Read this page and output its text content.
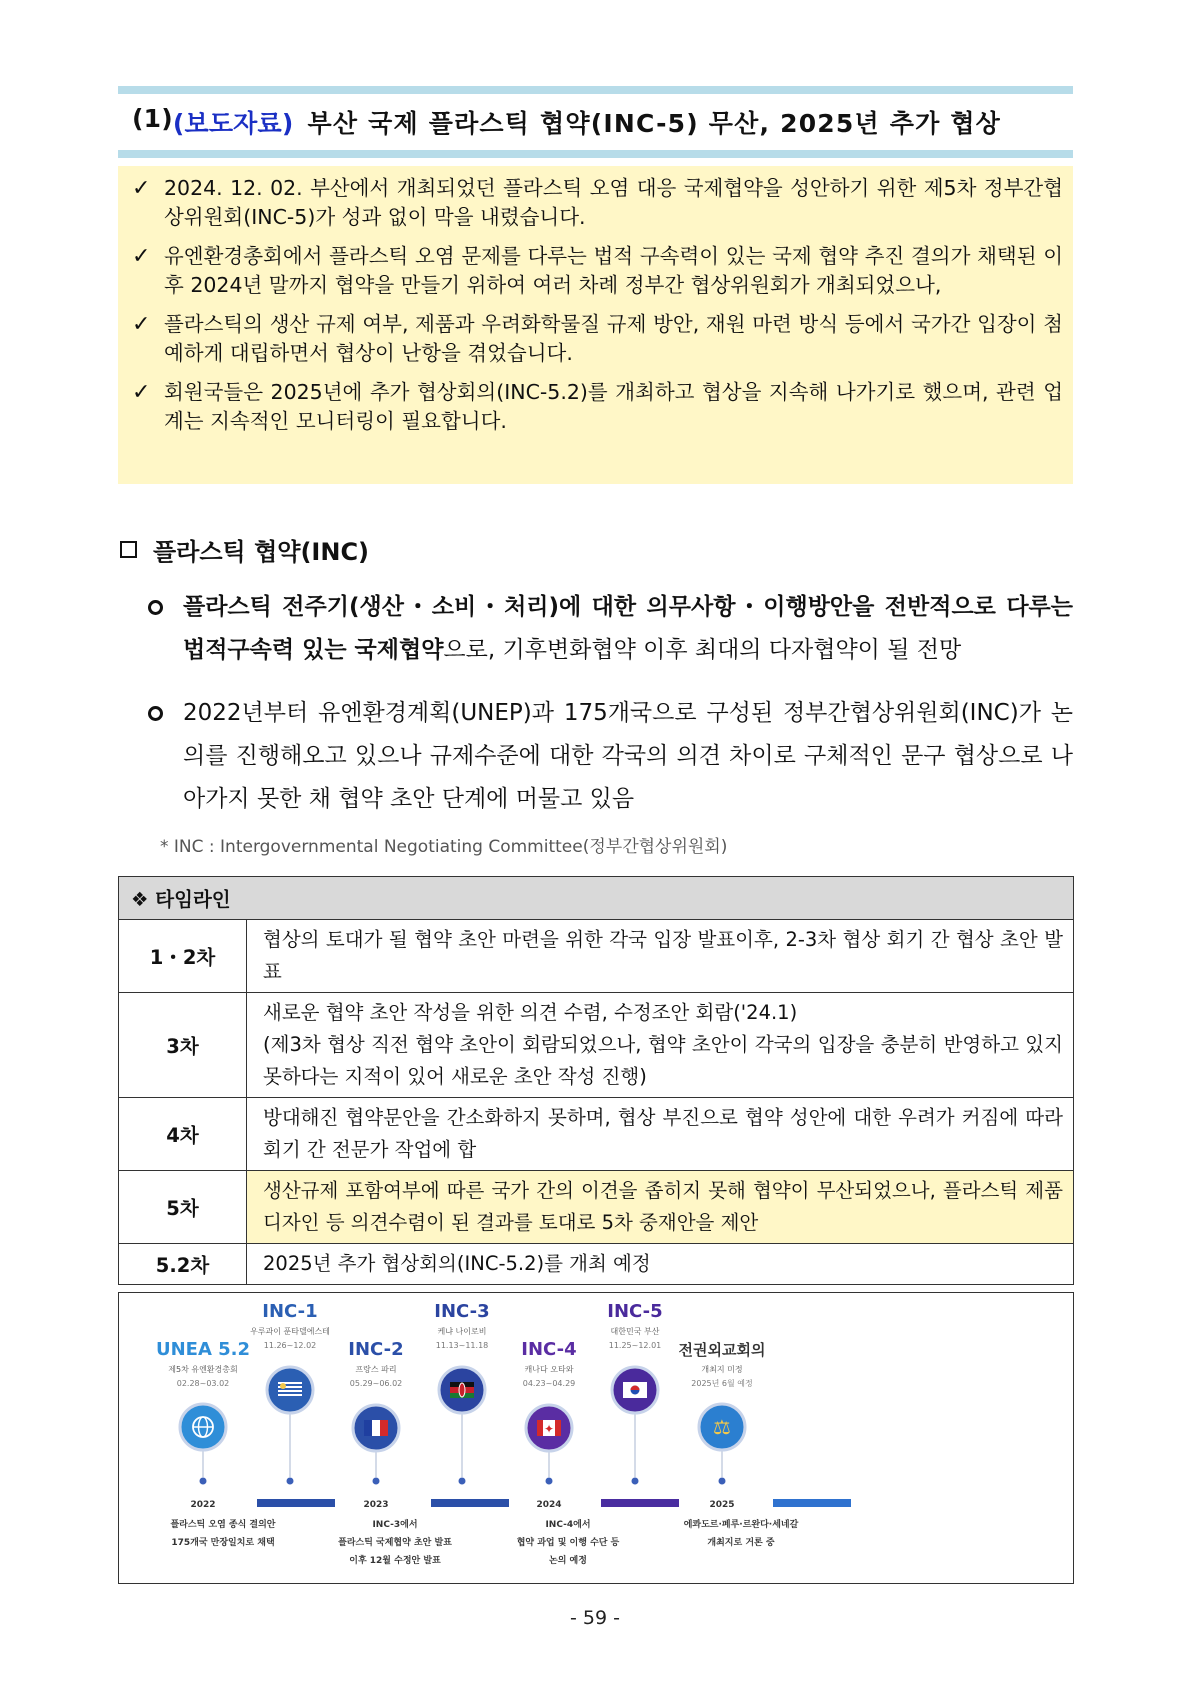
(1) (보도자료) 부산 국제 플라스틱 협약(INC-5) 무산, 2025년 추가 협상
✓ 2024. 12. 02. 부산에서 개최되었던 플라스틱 오염 대응 국제협약을 성안하기 위한 제5차 정부간협상위원회(INC-5)가 성과 없이 막을 내렸습니다.
✓ 유엔환경총회에서 플라스틱 오염 문제를 다루는 법적 구속력이 있는 국제 협약 추진 결의가 채택된 이후 2024년 말까지 협약을 만들기 위하여 여러 차례 정부간 협상위원회가 개최되었으나,
✓ 플라스틱의 생산 규제 여부, 제품과 우려화학물질 규제 방안, 재원 마련 방식 등에서 국가간 입장이 첨예하게 대립하면서 협상이 난항을 겪었습니다.
✓ 회원국들은 2025년에 추가 협상회의(INC-5.2)를 개최하고 협상을 지속해 나가기로 했으며, 관련 업계는 지속적인 모니터링이 필요합니다.
플라스틱 협약(INC)
플라스틱 전주기(생산・소비・처리)에 대한 의무사항・이행방안을 전반적으로 다루는 법적구속력 있는 국제협약으로, 기후변화협약 이후 최대의 다자협약이 될 전망
2022년부터 유엔환경계획(UNEP)과 175개국으로 구성된 정부간협상위원회(INC)가 논의를 진행해오고 있으나 규제수준에 대한 각국의 의견 차이로 구체적인 문구 협상으로 나아가지 못한 채 협약 초안 단계에 머물고 있음
* INC : Intergovernmental Negotiating Committee(정부간협상위원회)
❖ 타임라인	
1・2차	협상의 토대가 될 협약 초안 마련을 위한 각국 입장 발표이후, 2-3차 협상 회기 간 협상 초안 발표
3차	새로운 협약 초안 작성을 위한 의견 수렴, 수정조안 회람('24.1)
(제3차 협상 직전 협약 초안이 회람되었으나, 협약 초안이 각국의 입장을 충분히 반영하고 있지 못하다는 지적이 있어 새로운 초안 작성 진행)
4차	방대해진 협약문안을 간소화하지 못하며, 협상 부진으로 협약 성안에 대한 우려가 커짐에 따라 회기 간 전문가 작업에 합
5차	생산규제 포함여부에 따른 국가 간의 이견을 좁히지 못해 협약이 무산되었으나, 플라스틱 제품 디자인 등 의견수렴이 된 결과를 토대로 5차 중재안을 제안
5.2차	2025년 추가 협상회의(INC-5.2)를 개최 예정
2022	2023	2024	2025
UNEA 5.2
제5차 유엔환경총회
02.28~03.02
INC-1
우루과이 푼타델에스테
11.26~12.02 INC-2
프랑스 파리
05.29~06.02
INC-3
케냐 나이로비
11.13~11.18 INC-4
캐나다 오타와
04.23~04.29
✦
INC-5
대한민국 부산
11.25~12.01 전권외교회의
개최지 미정
2025년 6월 예정
⚖
플라스틱 오염 종식 결의안
175개국 만장일치로 채택
INC-3에서
플라스틱 국제협약 초안 발표
이후 12월 수정안 발표
INC-4에서
협약 과업 및 이행 수단 등
논의 예정
에콰도르·페루·르완다·세네갈
개최지로 거론 중
- 59 -
